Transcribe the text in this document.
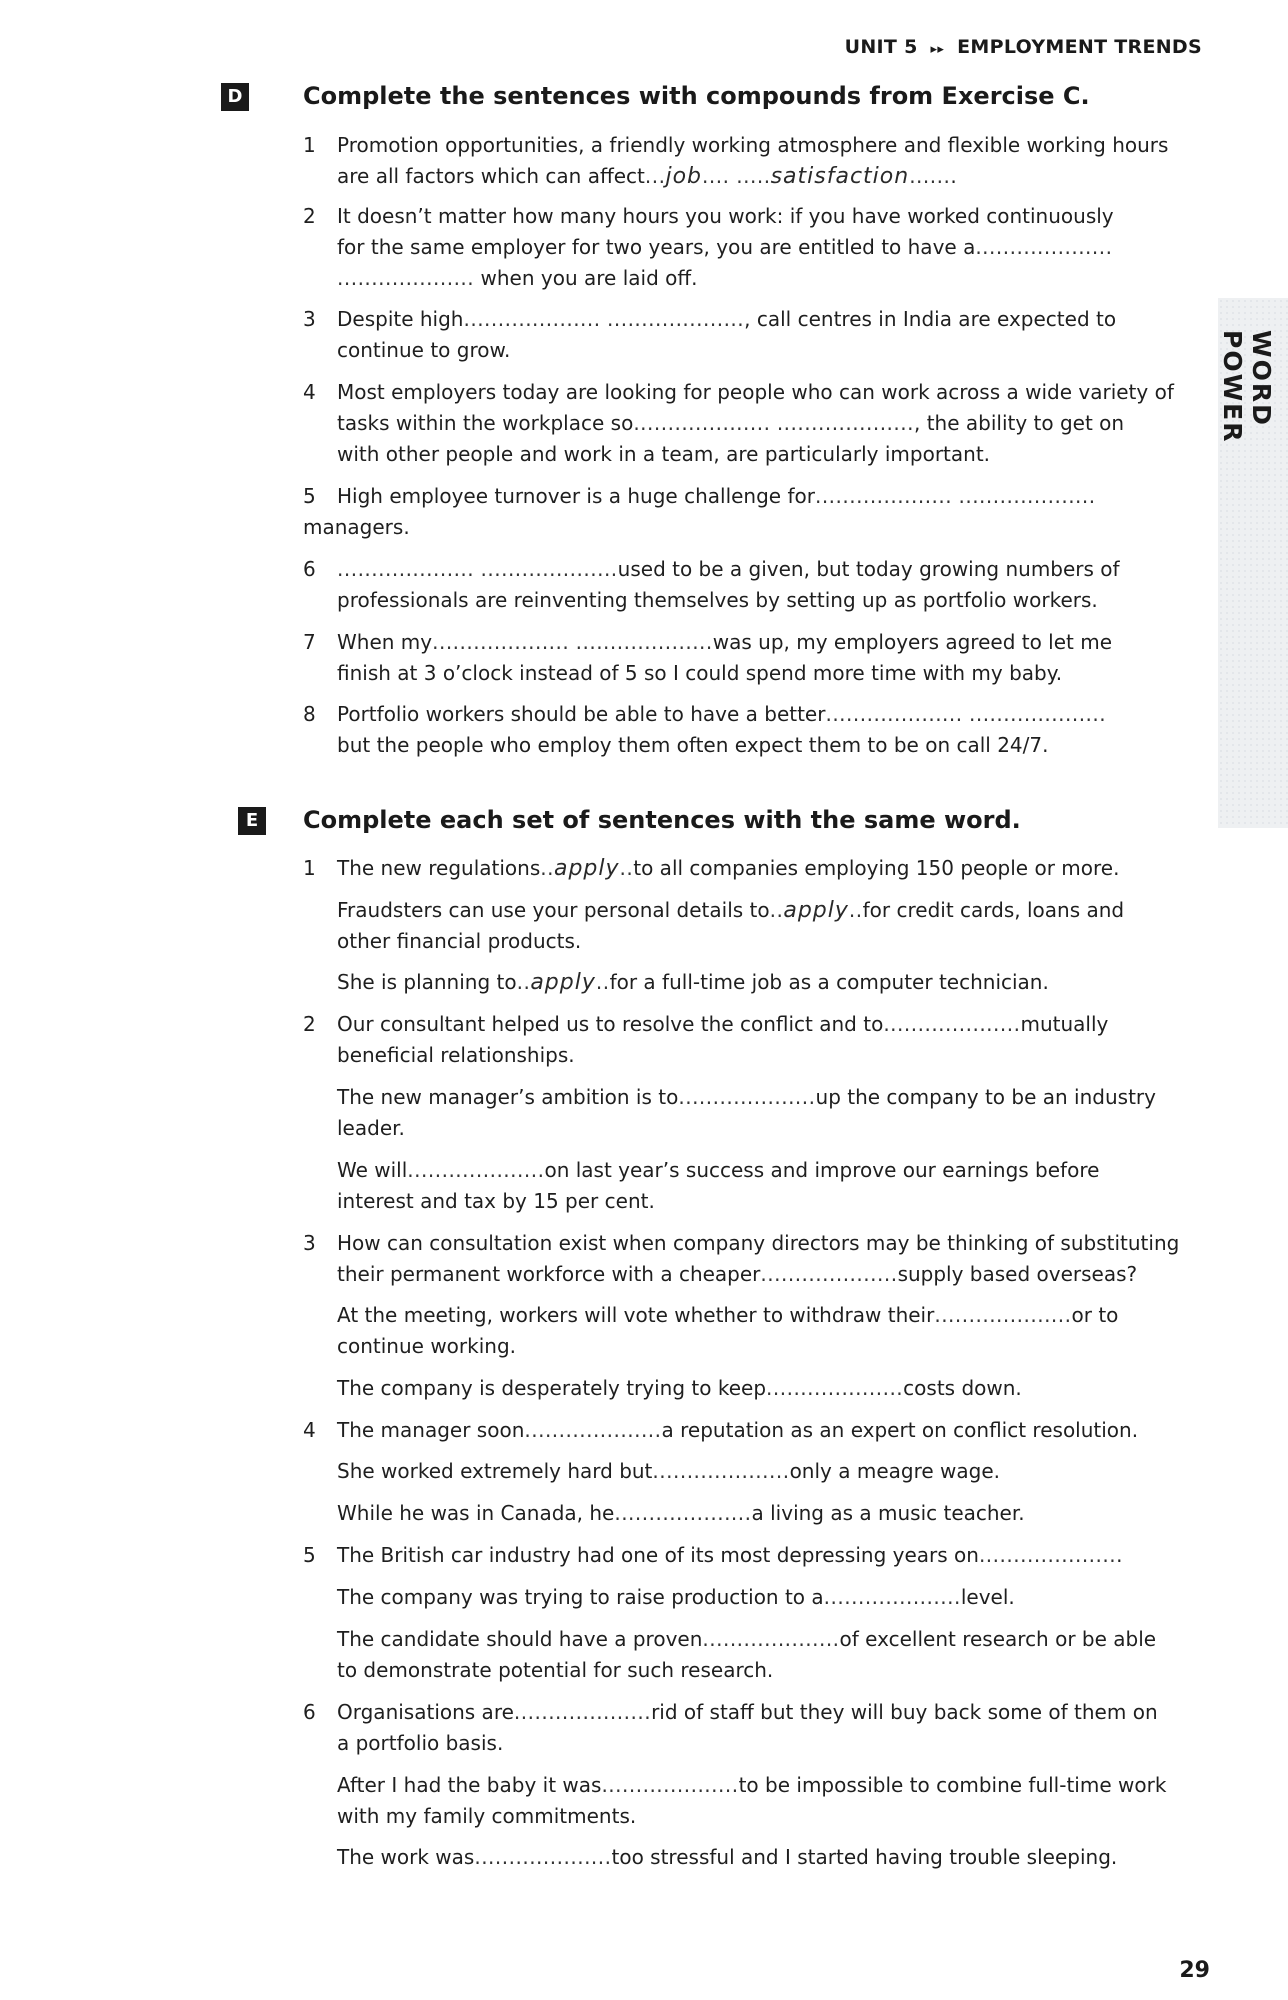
UNIT 5 ▸▸ EMPLOYMENT TRENDS
WORD POWER
D	Complete the sentences with compounds from Exercise C.
1	Promotion opportunities, a friendly working atmosphere and flexible working hours
are all factors which can affect...job.... .....satisfaction.......
2	It doesn’t matter how many hours you work: if you have worked continuously
for the same employer for two years, you are entitled to have a....................
.................... when you are laid off.
3	Despite high.................... ...................., call centres in India are expected to
continue to grow.
4	Most employers today are looking for people who can work across a wide variety of
tasks within the workplace so.................... ...................., the ability to get on
with other people and work in a team, are particularly important.
5	High employee turnover is a huge challenge for.................... ....................
managers.
6	.................... ....................used to be a given, but today growing numbers of
professionals are reinventing themselves by setting up as portfolio workers.
7	When my.................... ....................was up, my employers agreed to let me
finish at 3 o’clock instead of 5 so I could spend more time with my baby.
8	Portfolio workers should be able to have a better.................... ....................
but the people who employ them often expect them to be on call 24/7.
E	Complete each set of sentences with the same word.
1	The new regulations..apply..to all companies employing 150 people or more.
Fraudsters can use your personal details to..apply..for credit cards, loans and
other financial products.
She is planning to..apply..for a full-time job as a computer technician.
2	Our consultant helped us to resolve the conflict and to....................mutually
beneficial relationships.
The new manager’s ambition is to....................up the company to be an industry
leader.
We will....................on last year’s success and improve our earnings before
interest and tax by 15 per cent.
3	How can consultation exist when company directors may be thinking of substituting
their permanent workforce with a cheaper....................supply based overseas?
At the meeting, workers will vote whether to withdraw their....................or to
continue working.
The company is desperately trying to keep....................costs down.
4	The manager soon....................a reputation as an expert on conflict resolution.
She worked extremely hard but....................only a meagre wage.
While he was in Canada, he....................a living as a music teacher.
5	The British car industry had one of its most depressing years on.....................
The company was trying to raise production to a....................level.
The candidate should have a proven....................of excellent research or be able
to demonstrate potential for such research.
6	Organisations are....................rid of staff but they will buy back some of them on
a portfolio basis.
After I had the baby it was....................to be impossible to combine full-time work
with my family commitments.
The work was....................too stressful and I started having trouble sleeping.
29
